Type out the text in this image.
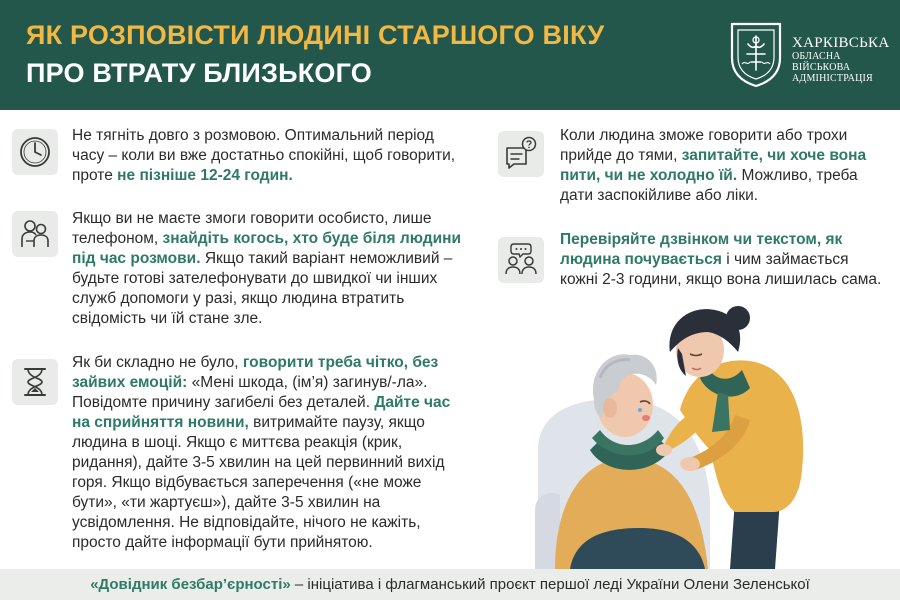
ЯК РОЗПОВІСТИ ЛЮДИНІ СТАРШОГО ВІКУ
ПРО ВТРАТУ БЛИЗЬКОГО
ХАРКІВСЬКА
ОБЛАСНА ВІЙСЬКОВА
АДМІНІСТРАЦІЯ

Не тягніть довго з розмовою. Оптимальний період часу – коли ви вже достатньо спокійні, щоб говорити, проте не пізніше 12-24 годин.

Якщо ви не маєте змоги говорити особисто, лише телефоном, знайдіть когось, хто буде біля людини під час розмови. Якщо такий варіант неможливий – будьте готові зателефонувати до швидкої чи інших служб допомоги у разі, якщо людина втратить свідомість чи їй стане зле.

Як би складно не було, говорити треба чітко, без зайвих емоцій: «Мені шкода, (ім’я) загинув/-ла». Повідомте причину загибелі без деталей. Дайте час на сприйняття новини, витримайте паузу, якщо людина в шоці. Якщо є миттєва реакція (крик, ридання), дайте 3-5 хвилин на цей первинний вихід горя. Якщо відбувається заперечення («не може бути», «ти жартуєш»), дайте 3-5 хвилин на усвідомлення. Не відповідайте, нічого не кажіть, просто дайте інформації бути прийнятою.

Коли людина зможе говорити або трохи прийде до тями, запитайте, чи хоче вона пити, чи не холодно їй. Можливо, треба дати заспокійливе або ліки.

Перевіряйте дзвінком чи текстом, як людина почувається і чим займається кожні 2-3 години, якщо вона лишилась сама.

«Довідник безбар’єрності» – ініціатива і флагманський проєкт першої леді України Олени Зеленської
